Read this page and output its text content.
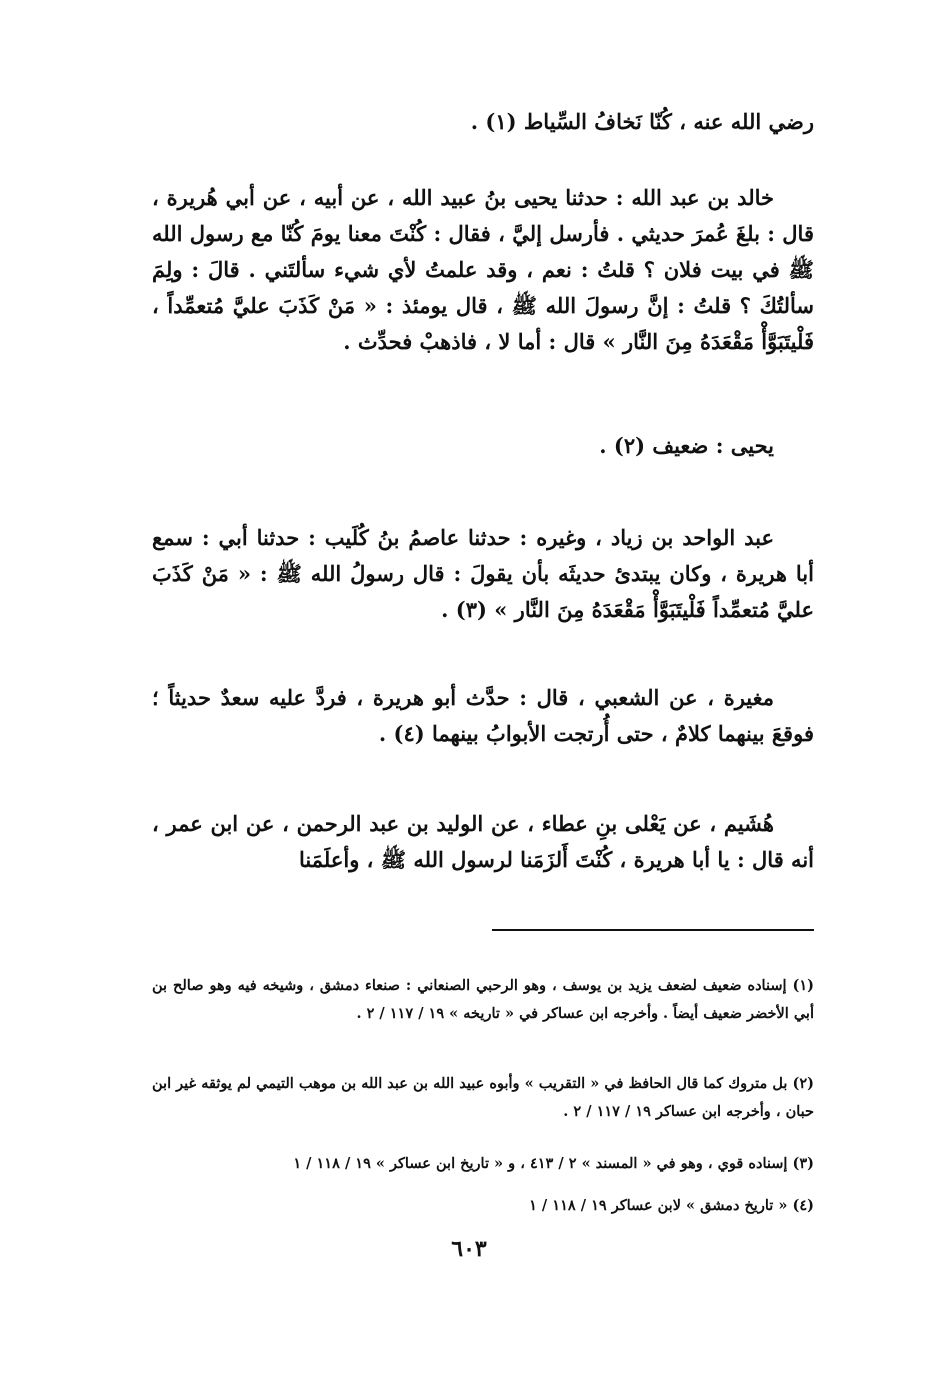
رضي الله عنه ، كُنّا نَخافُ السِّياط (١) .

خالد بن عبد الله : حدثنا يحيى بنُ عبيد الله ، عن أبيه ، عن أبي هُريرة ، قال : بلغَ عُمرَ حديثي . فأرسل إليَّ ، فقال : كُنْتَ معنا يومَ كُنّا مع رسول الله ﷺ في بيت فلان ؟ قلتُ : نعم ، وقد علمتُ لأي شيء سألتَني . قالَ : ولِمَ سألتُكَ ؟ قلتُ : إنَّ رسولَ الله ﷺ ، قال يومئذ : « مَنْ كَذَبَ عليَّ مُتعمِّداً ، فَلْيتَبَوَّأْ مَقْعَدَهُ مِنَ النَّار » قال : أما لا ، فاذهبْ فحدِّث .

يحيى : ضعيف (٢) .

عبد الواحد بن زياد ، وغيره : حدثنا عاصمُ بنُ كُلَيب : حدثنا أبي : سمع أبا هريرة ، وكان يبتدئ حديثَه بأن يقولَ : قال رسولُ الله ﷺ : « مَنْ كَذَبَ عليَّ مُتعمِّداً فَلْيتَبَوَّأْ مَقْعَدَهُ مِنَ النَّار » (٣) .

مغيرة ، عن الشعبي ، قال : حدَّث أبو هريرة ، فردَّ عليه سعدٌ حديثاً ؛ فوقعَ بينهما كلامٌ ، حتى أُرتجت الأبوابُ بينهما (٤) .

هُشَيم ، عن يَعْلى بنِ عطاء ، عن الوليد بن عبد الرحمن ، عن ابن عمر ، أنه قال : يا أبا هريرة ، كُنْتَ أَلزَمَنا لرسول الله ﷺ ، وأعلَمَنا

(١) إسناده ضعيف لضعف يزيد بن يوسف ، وهو الرحبي الصنعاني : صنعاء دمشق ، وشيخه فيه وهو صالح بن أبي الأخضر ضعيف أيضاً . وأخرجه ابن عساكر في « تاريخه » ١٩ / ١١٧ / ٢ .

(٢) بل متروك كما قال الحافظ في « التقريب » وأبوه عبيد الله بن عبد الله بن موهب التيمي لم يوثقه غير ابن حبان ، وأخرجه ابن عساكر ١٩ / ١١٧ / ٢ .

(٣) إسناده قوي ، وهو في « المسند » ٢ / ٤١٣ ، و « تاريخ ابن عساكر » ١٩ / ١١٨ / ١

(٤) « تاريخ دمشق » لابن عساكر ١٩ / ١١٨ / ١

٦٠٣
